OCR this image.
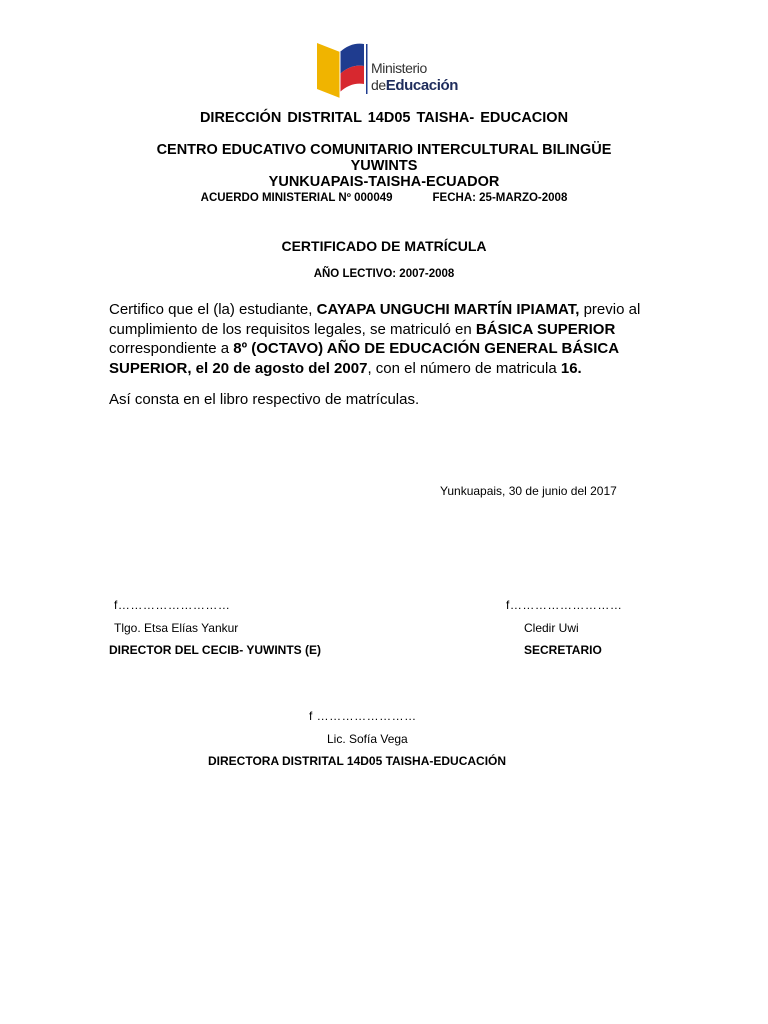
Ministerio
deEducación
DIRECCIÓN DISTRITAL 14D05 TAISHA- EDUCACION
CENTRO EDUCATIVO COMUNITARIO INTERCULTURAL BILINGÜE
YUWINTS
YUNKUAPAIS-TAISHA-ECUADOR
ACUERDO MINISTERIAL Nº 000049	FECHA: 25-MARZO-2008
CERTIFICADO DE MATRÍCULA
AÑO LECTIVO: 2007-2008
Certifico que el (la) estudiante, CAYAPA UNGUCHI MARTÍN IPIAMAT, previo al cumplimiento de los requisitos legales, se matriculó en BÁSICA SUPERIOR correspondiente a 8º (OCTAVO) AÑO DE EDUCACIÓN GENERAL BÁSICA SUPERIOR, el 20 de agosto del 2007, con el número de matricula 16.
Así consta en el libro respectivo de matrículas.
Yunkuapais, 30 de junio del 2017
f………………………
Tlgo. Etsa Elías Yankur
DIRECTOR DEL CECIB- YUWINTS (E)
f………………………
Cledir Uwi
SECRETARIO
f ……………………
Lic. Sofía Vega
DIRECTORA DISTRITAL 14D05 TAISHA-EDUCACIÓN
